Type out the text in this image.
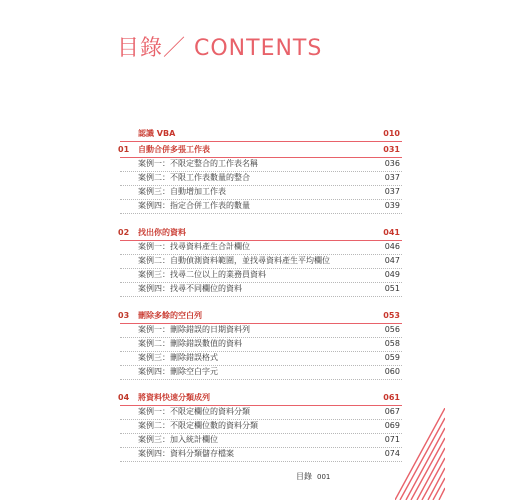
目錄／ CONTENTS
認識 VBA	010
01 自動合併多張工作表	031
案例一：不限定整合的工作表名稱	036
案例二：不限工作表數量的整合	037
案例三：自動增加工作表	037
案例四：指定合併工作表的數量	039
02 找出你的資料	041
案例一：找尋資料產生合計欄位	046
案例二：自動偵測資料範圍，並找尋資料產生平均欄位	047
案例三：找尋二位以上的業務員資料	049
案例四：找尋不同欄位的資料	051
03 刪除多餘的空白列	053
案例一：刪除錯誤的日期資料列	056
案例二：刪除錯誤數值的資料	058
案例三：刪除錯誤格式	059
案例四：刪除空白字元	060
04 將資料快速分類成列	061
案例一：不限定欄位的資料分類	067
案例二：不限定欄位數的資料分類	069
案例三：加入統計欄位	071
案例四：資料分類儲存檔案	074
目錄 001
